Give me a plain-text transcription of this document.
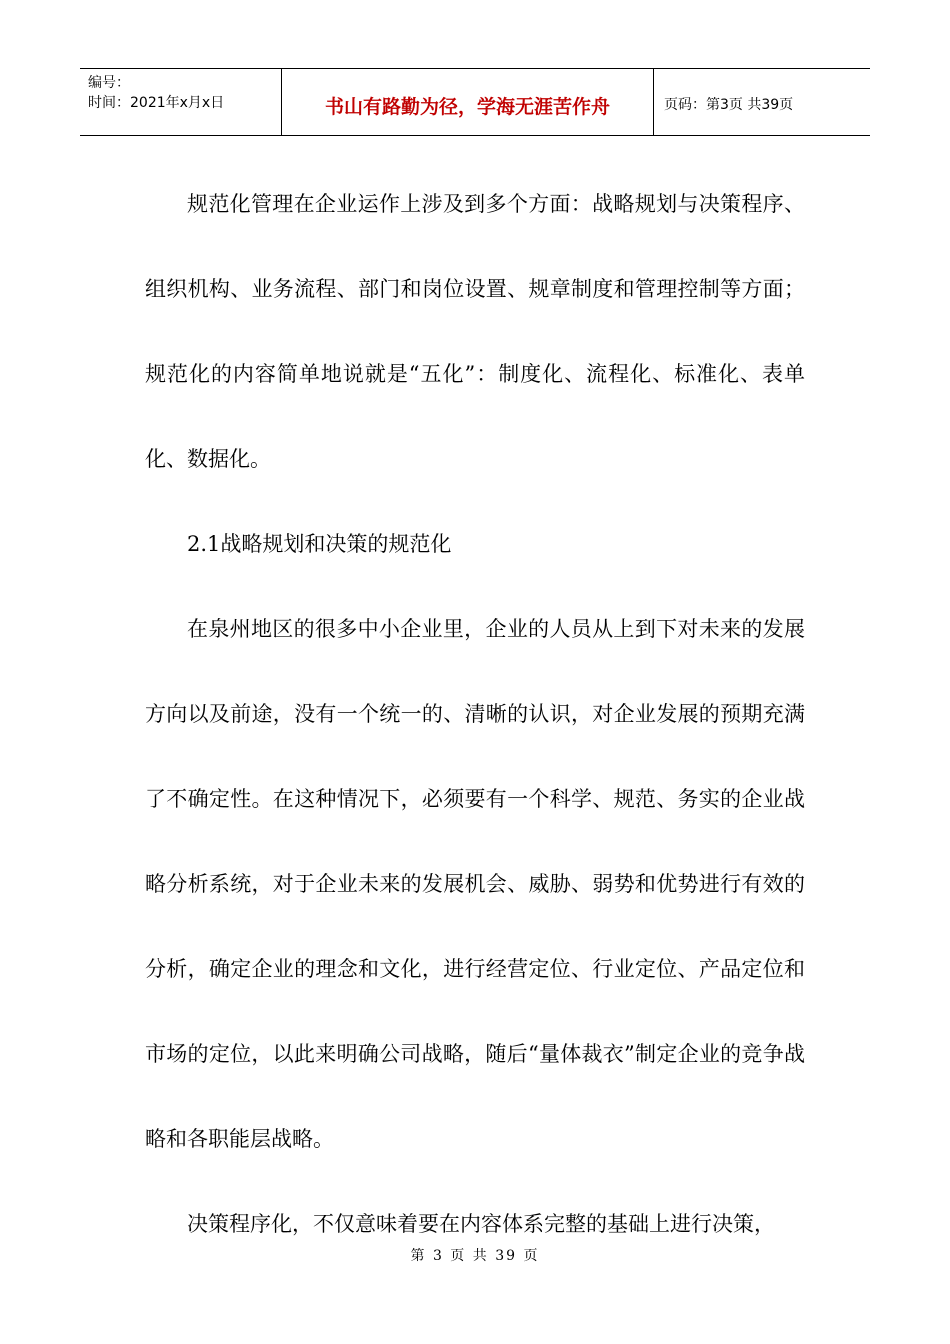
编号：
时间：2021年x月x日	书山有路勤为径，学海无涯苦作舟	页码：第3页 共39页

规范化管理在企业运作上涉及到多个方面：战略规划与决策程序、组织机构、业务流程、部门和岗位设置、规章制度和管理控制等方面；规范化的内容简单地说就是“五化”：制度化、流程化、标准化、表单化、数据化。

2.1战略规划和决策的规范化

在泉州地区的很多中小企业里，企业的人员从上到下对未来的发展方向以及前途，没有一个统一的、清晰的认识，对企业发展的预期充满了不确定性。在这种情况下，必须要有一个科学、规范、务实的企业战略分析系统，对于企业未来的发展机会、威胁、弱势和优势进行有效的分析，确定企业的理念和文化，进行经营定位、行业定位、产品定位和市场的定位，以此来明确公司战略，随后“量体裁衣”制定企业的竞争战略和各职能层战略。

决策程序化，不仅意味着要在内容体系完整的基础上进行决策，

第 3 页 共 39 页
